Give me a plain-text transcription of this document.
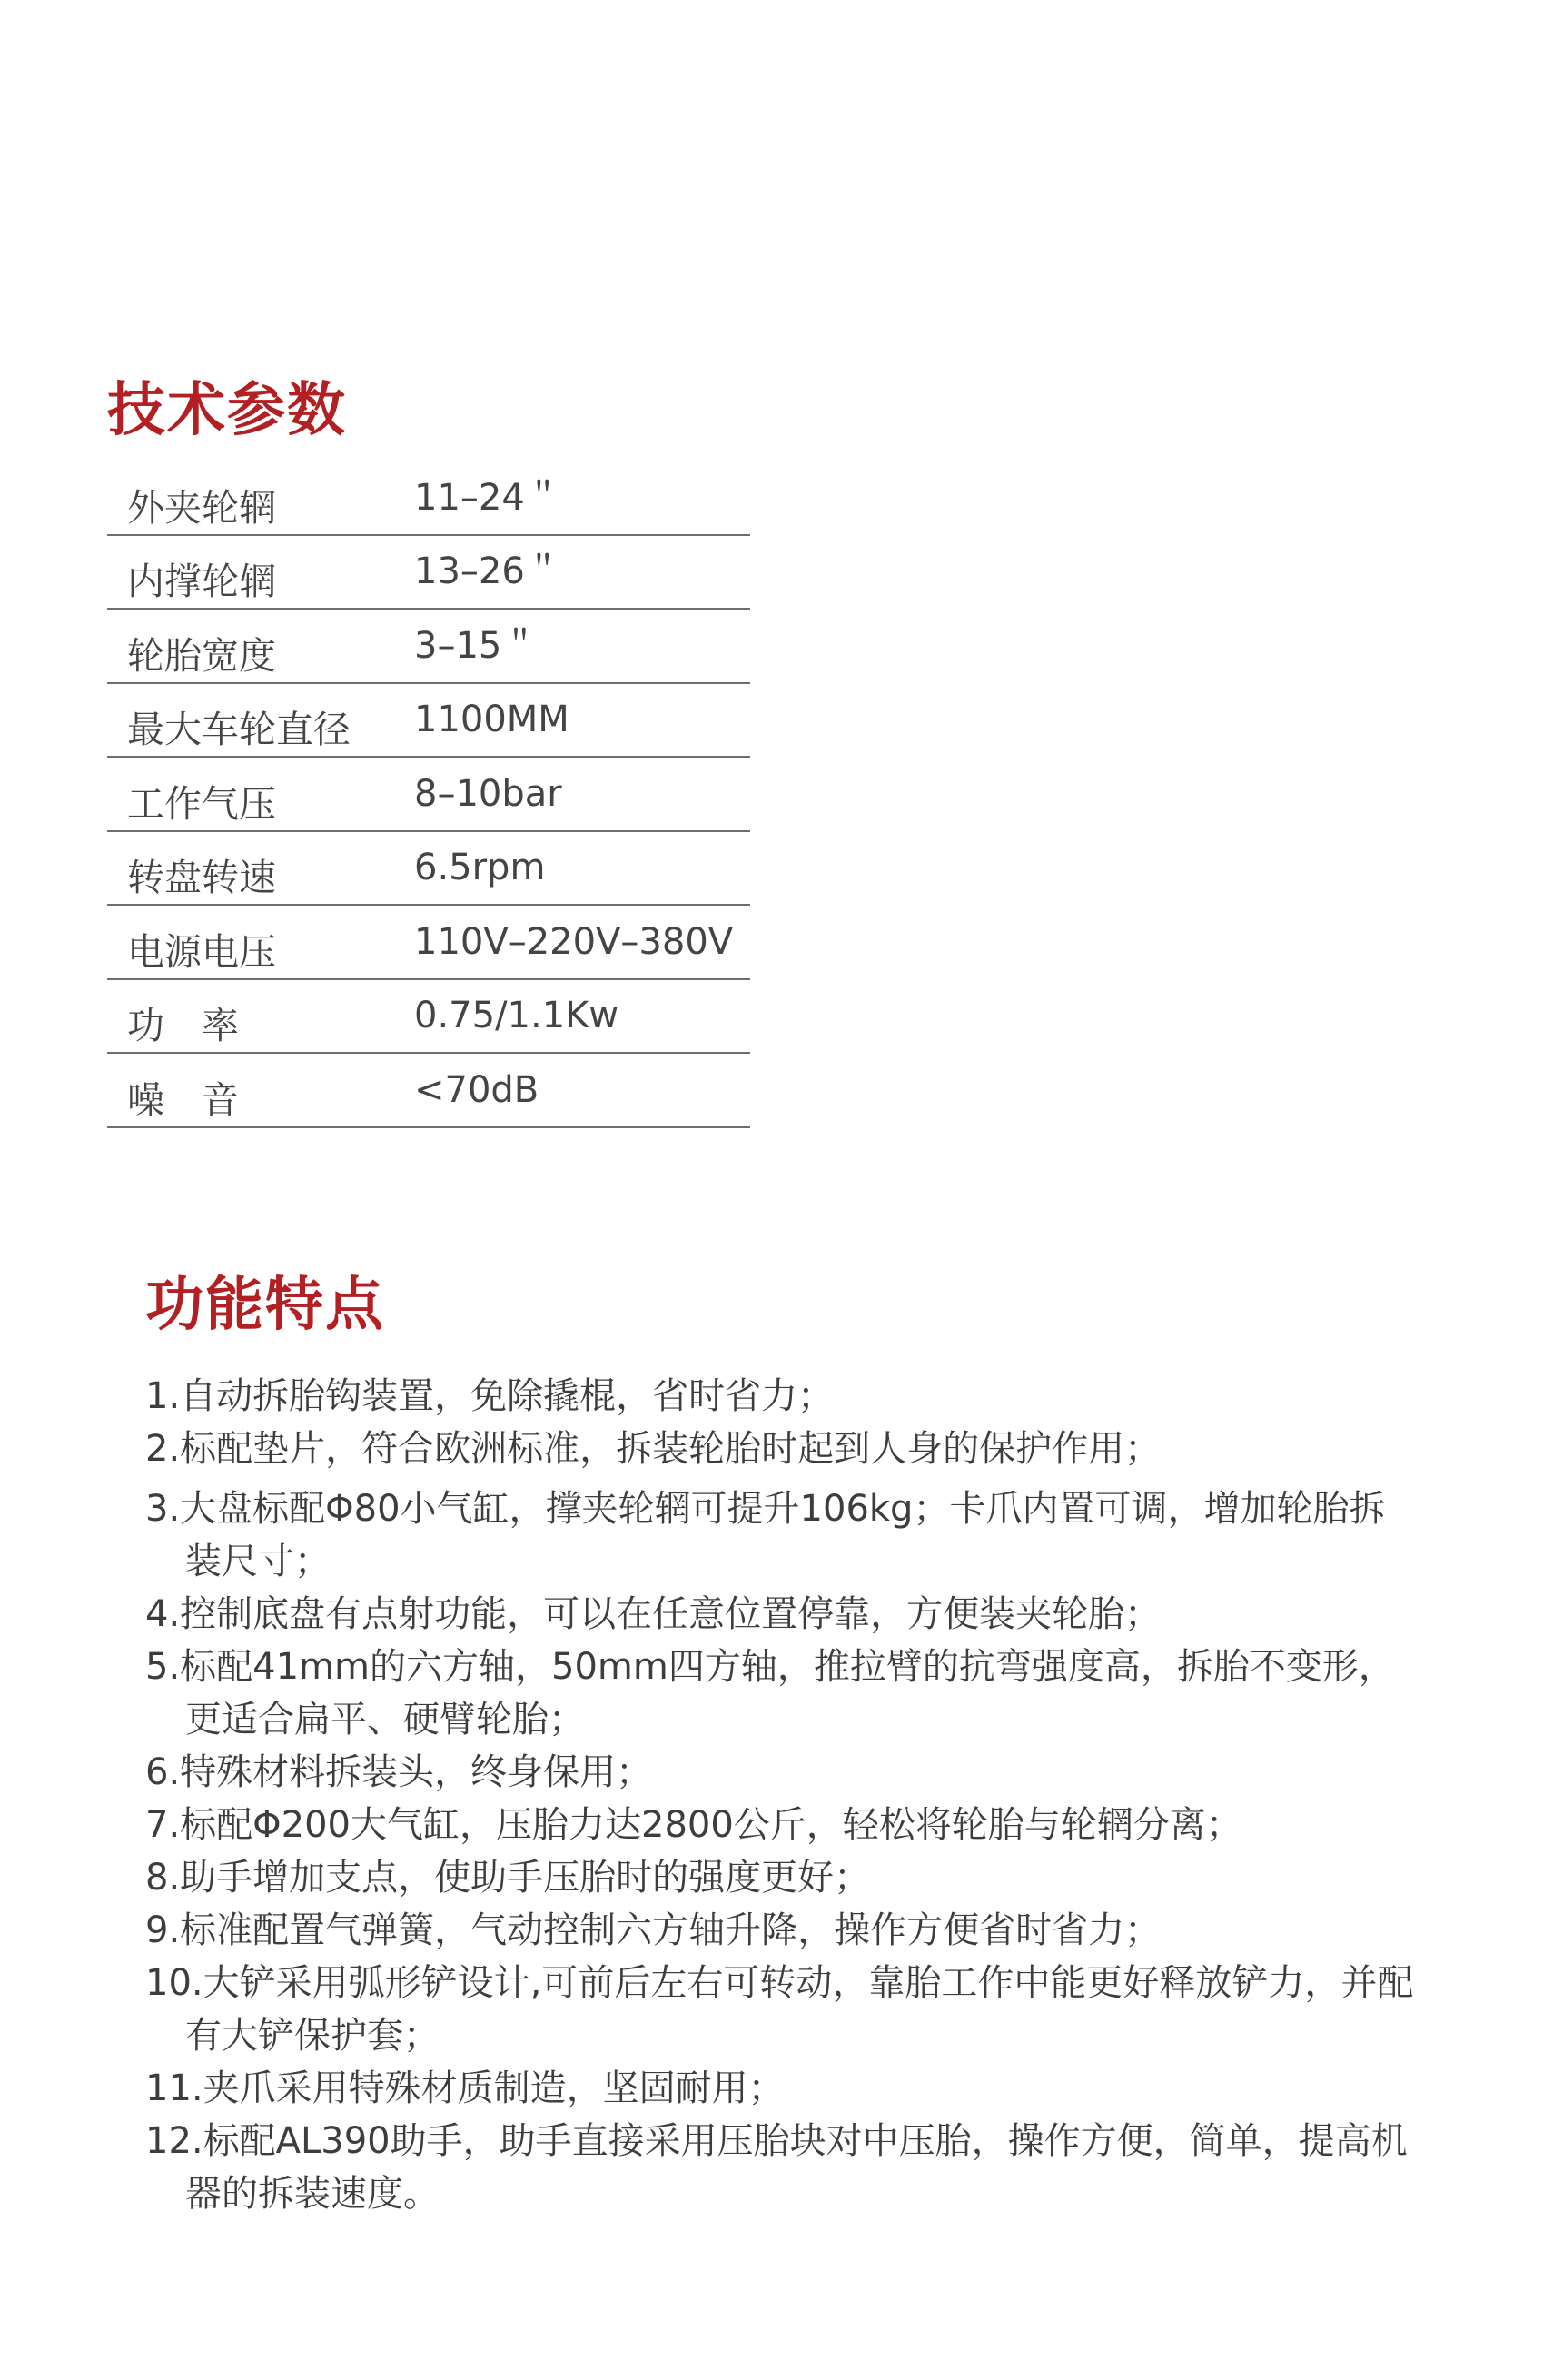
技术参数
外夹轮辋	11–24＂
内撑轮辋	13–26＂
轮胎宽度	3–15＂
最大车轮直径 1100MM
工作气压	8–10bar
转盘转速	6.5rpm
电源电压	110V–220V–380V
功　率	0.75/1.1Kw
噪　音	<70dB
功能特点
1.自动拆胎钩装置，免除撬棍，省时省力；
2.标配垫片，符合欧洲标准，拆装轮胎时起到人身的保护作用；
3.大盘标配Φ80小气缸，撑夹轮辋可提升106kg；卡爪内置可调，增加轮胎拆装尺寸；
4.控制底盘有点射功能，可以在任意位置停靠，方便装夹轮胎；
5.标配41mm的六方轴，50mm四方轴，推拉臂的抗弯强度高，拆胎不变形，更适合扁平、硬臂轮胎；
6.特殊材料拆装头，终身保用；
7.标配Φ200大气缸，压胎力达2800公斤，轻松将轮胎与轮辋分离；
8.助手增加支点，使助手压胎时的强度更好；
9.标准配置气弹簧，气动控制六方轴升降，操作方便省时省力；
10.大铲采用弧形铲设计,可前后左右可转动，靠胎工作中能更好释放铲力，并配有大铲保护套；
11.夹爪采用特殊材质制造，坚固耐用；
12.标配AL390助手，助手直接采用压胎块对中压胎，操作方便，简单，提高机器的拆装速度。
